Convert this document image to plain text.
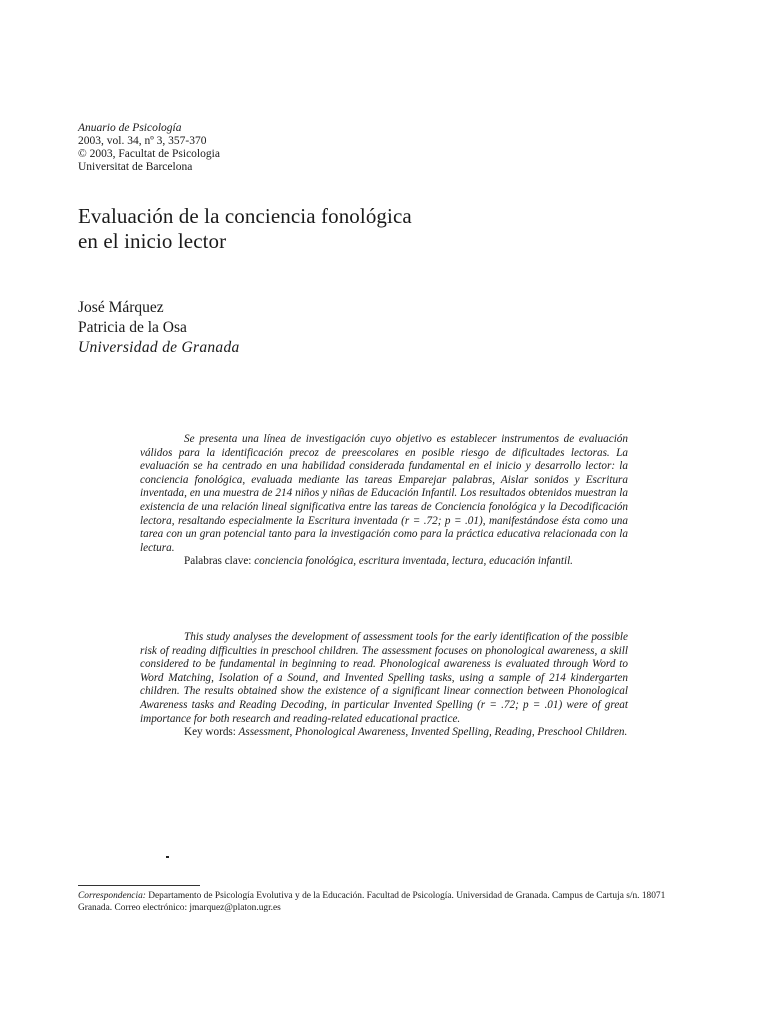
Anuario de Psicología
2003, vol. 34, nº 3, 357-370
© 2003, Facultat de Psicologia
Universitat de Barcelona
Evaluación de la conciencia fonológica
en el inicio lector
José Márquez
Patricia de la Osa
Universidad de Granada

Se presenta una línea de investigación cuyo objetivo es establecer instrumentos de evaluación válidos para la identificación precoz de preescolares en posible riesgo de dificultades lectoras. La evaluación se ha centrado en una habilidad considerada fundamental en el inicio y desarrollo lector: la conciencia fonológica, evaluada mediante las tareas Emparejar palabras, Aislar sonidos y Escritura inventada, en una muestra de 214 niños y niñas de Educación Infantil. Los resultados obtenidos muestran la existencia de una relación lineal significativa entre las tareas de Conciencia fonológica y la Decodificación lectora, resaltando especialmente la Escritura inventada (r = .72; p = .01), manifestándose ésta como una tarea con un gran potencial tanto para la investigación como para la práctica educativa relacionada con la lectura.

Palabras clave: conciencia fonológica, escritura inventada, lectura, educación infantil.

This study analyses the development of assessment tools for the early identification of the possible risk of reading difficulties in preschool children. The assessment focuses on phonological awareness, a skill considered to be fundamental in beginning to read. Phonological awareness is evaluated through Word to Word Matching, Isolation of a Sound, and Invented Spelling tasks, using a sample of 214 kindergarten children. The results obtained show the existence of a significant linear connection between Phonological Awareness tasks and Reading Decoding, in particular Invented Spelling (r = .72; p = .01) were of great importance for both research and reading-related educational practice.

Key words: Assessment, Phonological Awareness, Invented Spelling, Reading, Preschool Children.

Correspondencia: Departamento de Psicología Evolutiva y de la Educación. Facultad de Psicología. Universidad de Granada. Campus de Cartuja s/n. 18071 Granada. Correo electrónico: jmarquez@platon.ugr.es
